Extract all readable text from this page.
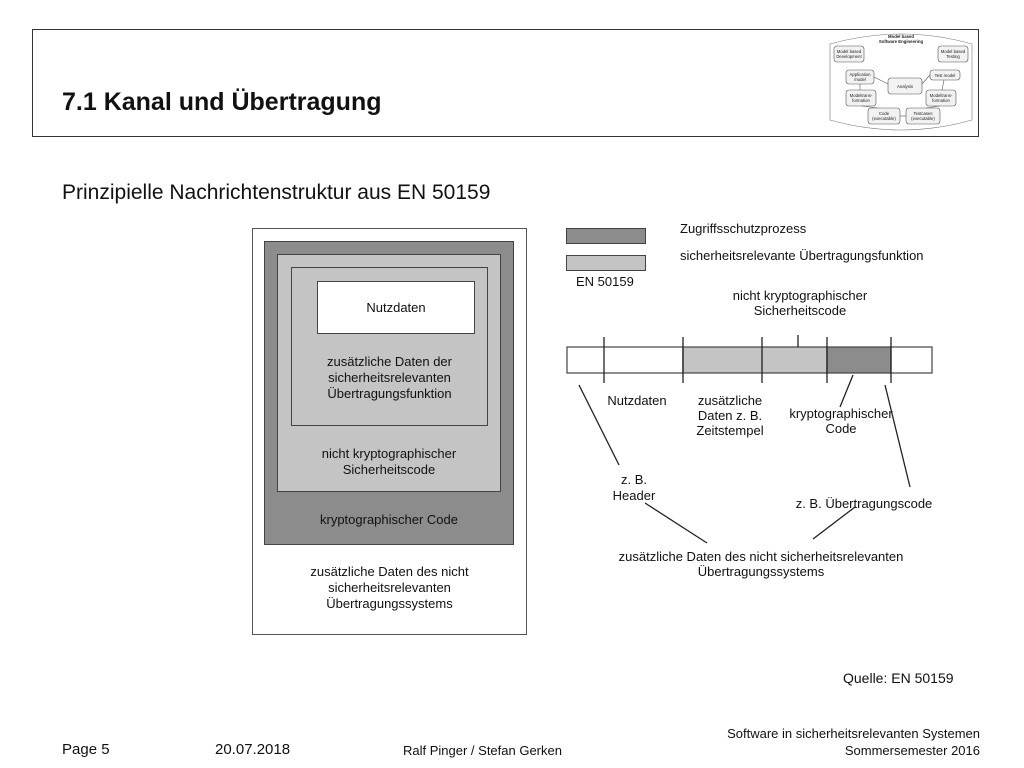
7.1 Kanal und Übertragung
Model based
Software Engineering
Model based
Development
Model based
Testing
Application
model
Test model
Analysis
Modeltrans-
formation
Modeltrans-
formation
Code
(executable)
Testcases
(executable)
Prinzipielle Nachrichtenstruktur aus EN 50159
Nutzdaten
zusätzliche Daten der
sicherheitsrelevanten
Übertragungsfunktion
nicht kryptographischer
Sicherheitscode
kryptographischer Code
zusätzliche Daten des nicht
sicherheitsrelevanten
Übertragungssystems
Zugriffsschutzprozess
sicherheitsrelevante Übertragungsfunktion
EN 50159
nicht kryptographischer
Sicherheitscode
Nutzdaten	zusätzliche
Daten z. B.
Zeitstempel
kryptographischer
Code
z. B.
Header
z. B. Übertragungscode
zusätzliche Daten des nicht sicherheitsrelevanten
Übertragungssystems
Quelle: EN 50159
Page 5	20.07.2018	Ralf Pinger / Stefan Gerken
Software in sicherheitsrelevanten Systemen
Sommersemester 2016
